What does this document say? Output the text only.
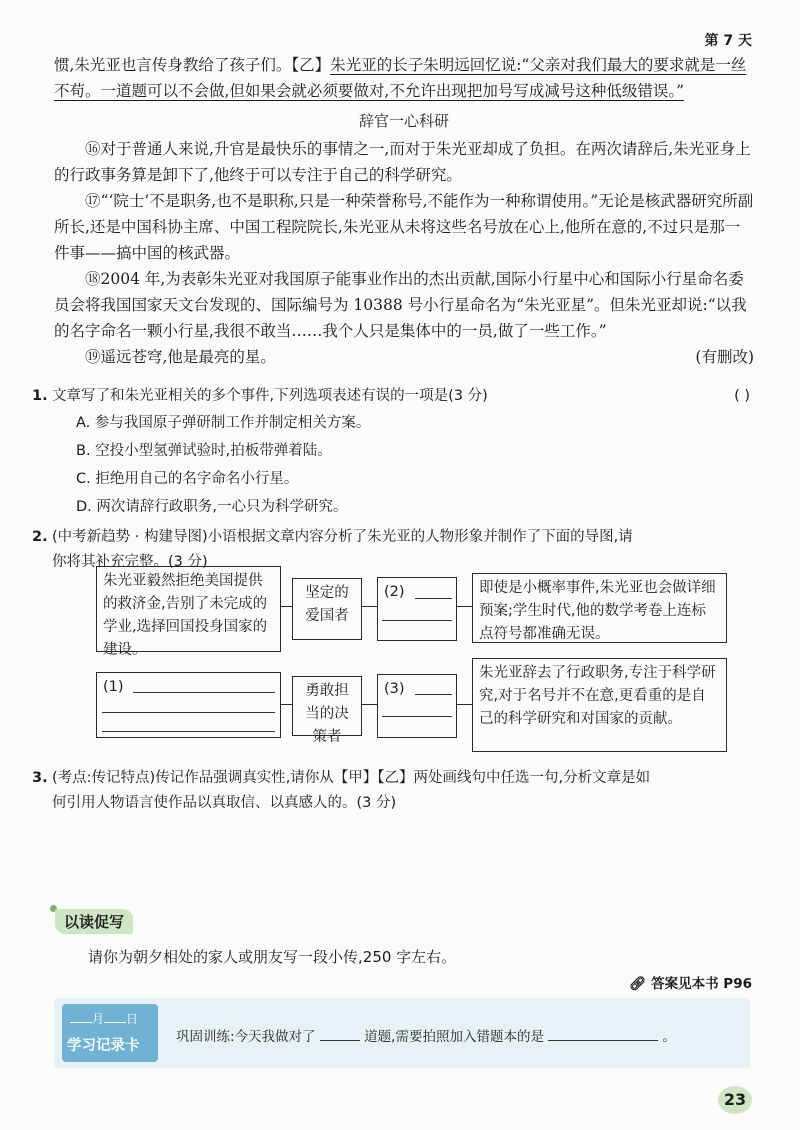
第 7 天

惯,朱光亚也言传身教给了孩子们。【乙】朱光亚的长子朱明远回忆说:“父亲对我们最大的要求就是一丝不苟。一道题可以不会做,但如果会就必须要做对,不允许出现把加号写成减号这种低级错误。”

辞官一心科研

⑯对于普通人来说,升官是最快乐的事情之一,而对于朱光亚却成了负担。在两次请辞后,朱光亚身上的行政事务算是卸下了,他终于可以专注于自己的科学研究。

⑰“‘院士’不是职务,也不是职称,只是一种荣誉称号,不能作为一种称谓使用。”无论是核武器研究所副所长,还是中国科协主席、中国工程院院长,朱光亚从未将这些名号放在心上,他所在意的,不过只是那一件事——搞中国的核武器。

⑱2004 年,为表彰朱光亚对我国原子能事业作出的杰出贡献,国际小行星中心和国际小行星命名委员会将我国国家天文台发现的、国际编号为 10388 号小行星命名为“朱光亚星”。但朱光亚却说:“以我的名字命名一颗小行星,我很不敢当……我个人只是集体中的一员,做了一些工作。”

⑲遥远苍穹,他是最亮的星。	(有删改)

1. 文章写了和朱光亚相关的多个事件,下列选项表述有误的一项是(3 分)	( )
A. 参与我国原子弹研制工作并制定相关方案。
B. 空投小型氢弹试验时,拍板带弹着陆。
C. 拒绝用自己的名字命名小行星。
D. 两次请辞行政职务,一心只为科学研究。
2. (中考新趋势 · 构建导图)小语根据文章内容分析了朱光亚的人物形象并制作了下面的导图,请
你将其补充完整。(3 分)
朱光亚毅然拒绝美国提供的救济金,告别了未完成的学业,选择回国投身国家的建设。
坚定的爱国者
(2)	即使是小概率事件,朱光亚也会做详细预案;学生时代,他的数学考卷上连标点符号都准确无误。
(1)	勇敢担当的决策者
(3)
朱光亚辞去了行政职务,专注于科学研究,对于名号并不在意,更看重的是自己的科学研究和对国家的贡献。
3. (考点:传记特点)传记作品强调真实性,请你从【甲】【乙】两处画线句中任选一句,分析文章是如
何引用人物语言使作品以真取信、以真感人的。(3 分)
以读促写
请你为朝夕相处的家人或朋友写一段小传,250 字左右。
🔗︎ 答案见本书 P96
月 日
学习记录卡
巩固训练:今天我做对了	道题,需要拍照加入错题本的是	。
23
